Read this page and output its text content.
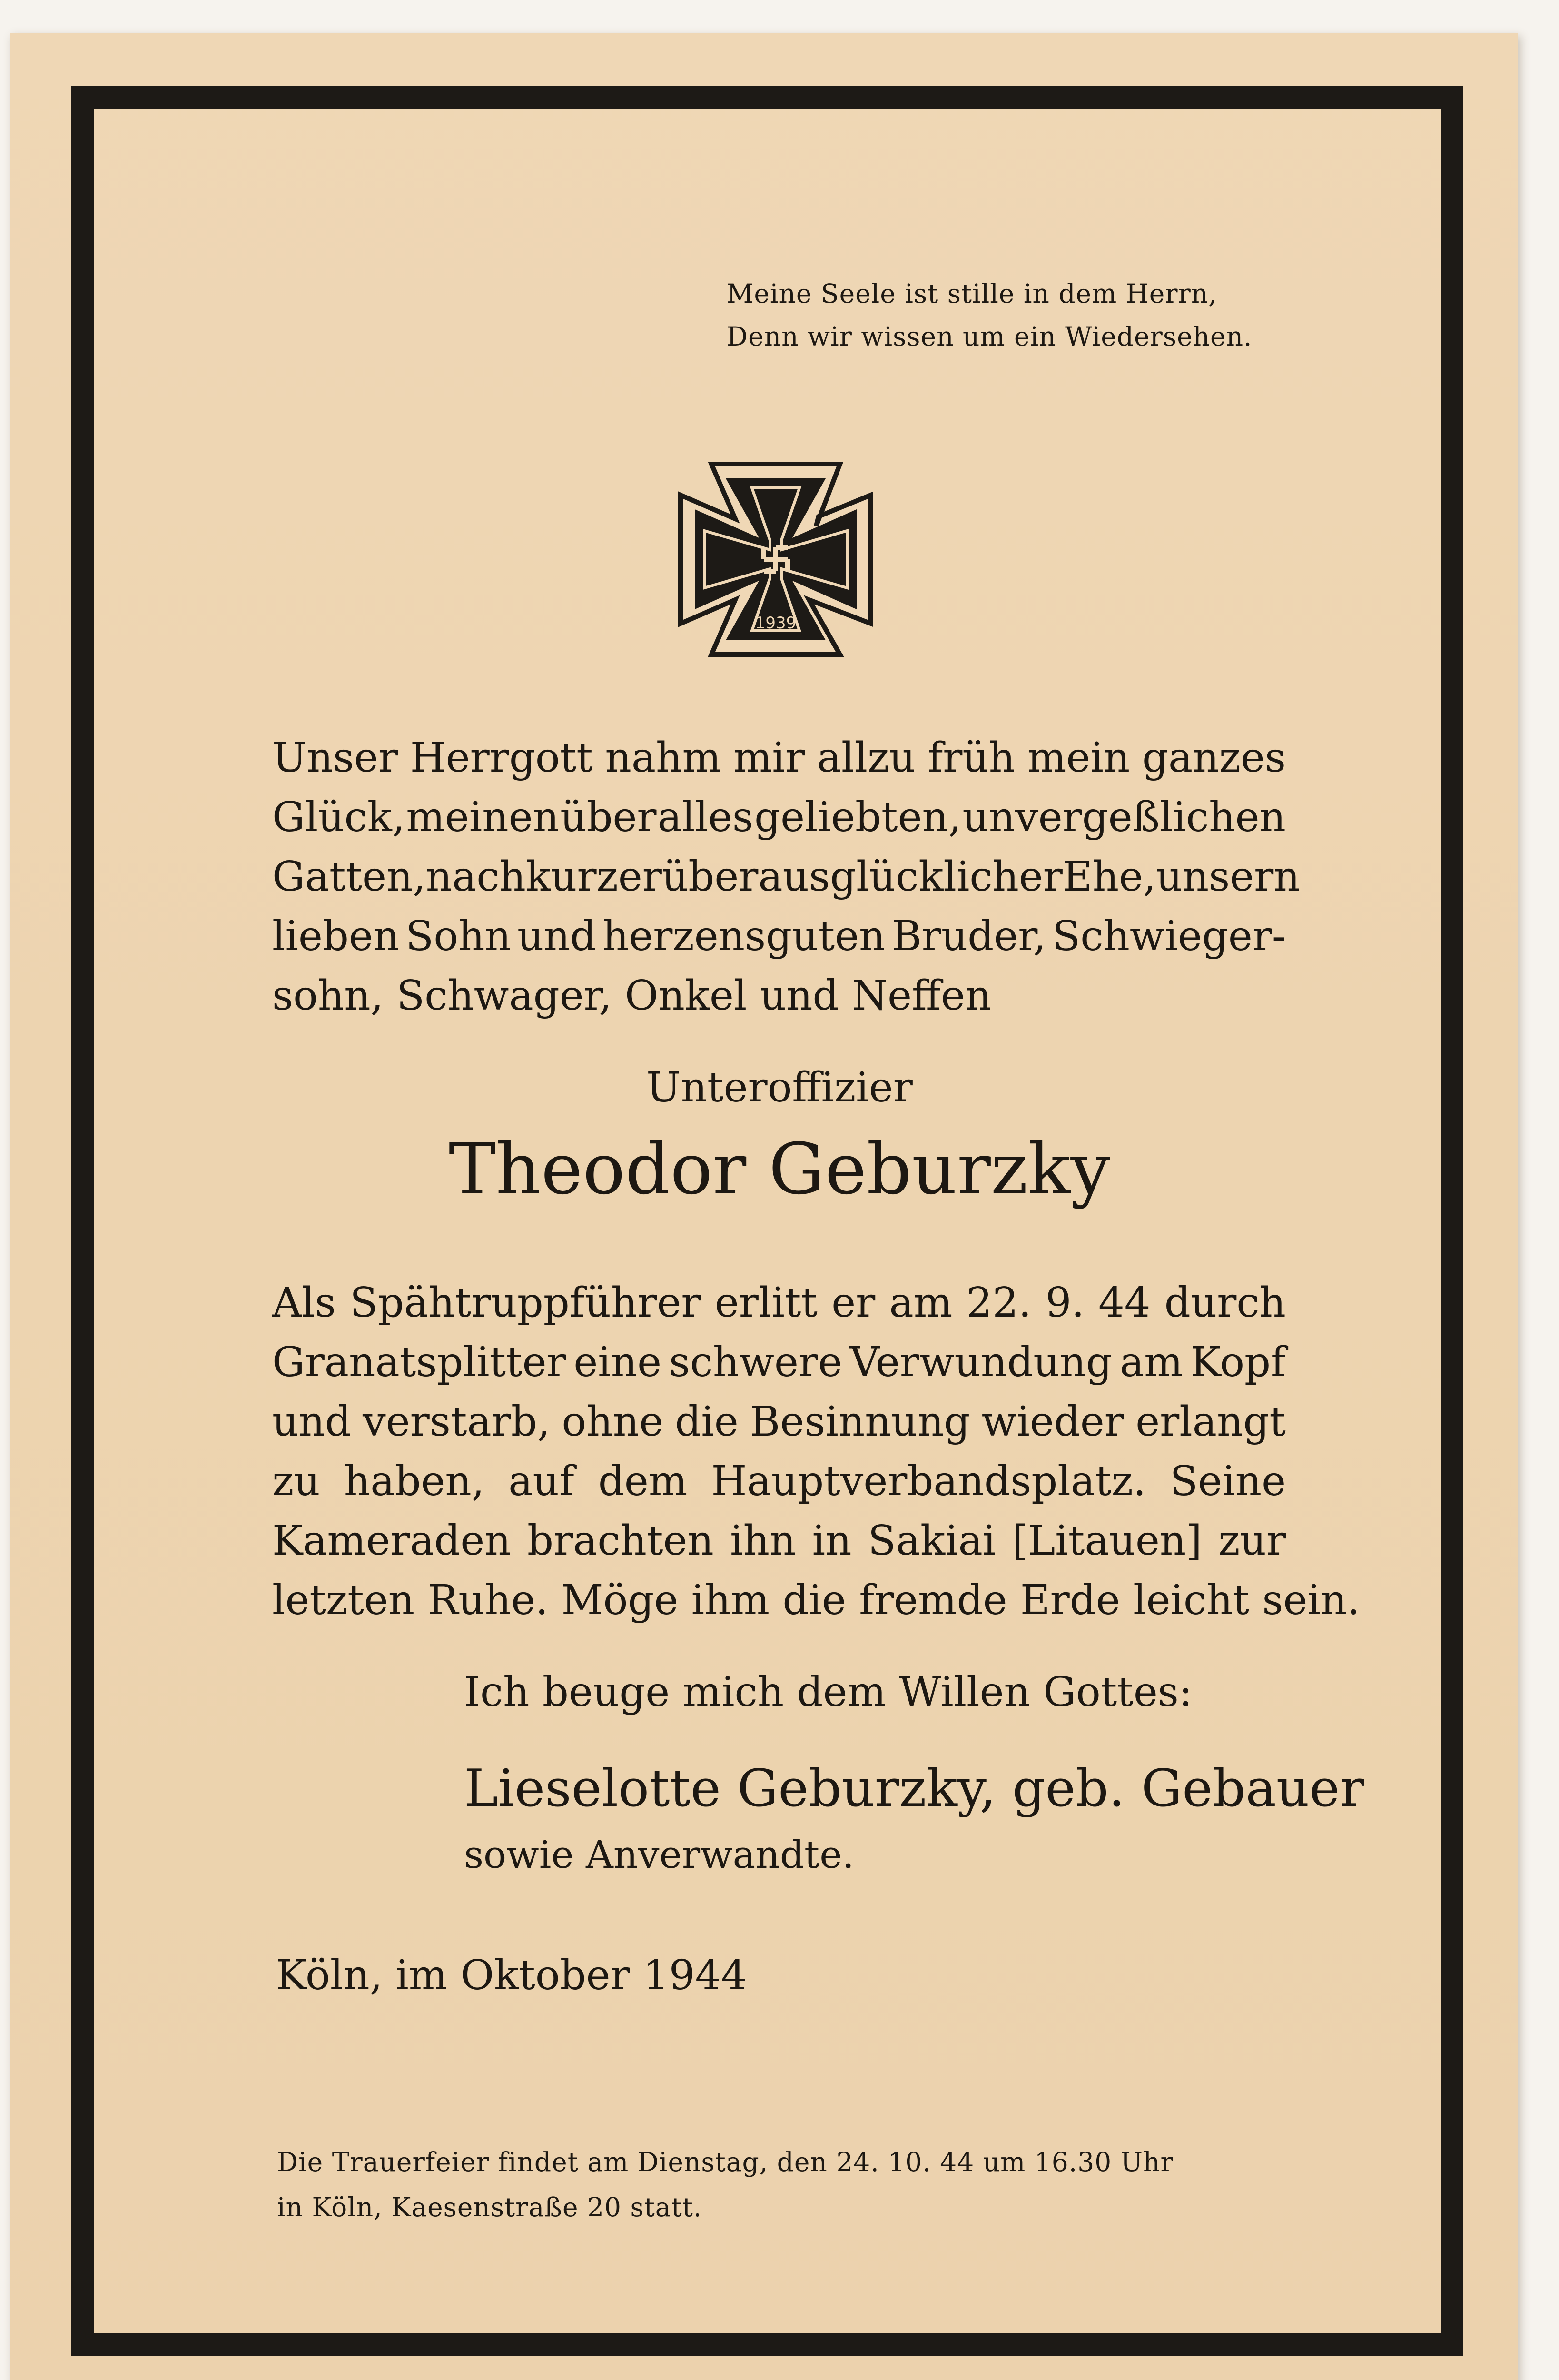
Meine Seele ist stille in dem Herrn,
Denn wir wissen um ein Wiedersehen.
1939
Unser Herrgott nahm mir allzu früh mein ganzes
Glück, meinen über alles geliebten, unvergeßlichen
Gatten, nach kurzer überaus glücklicher Ehe, unsern
lieben Sohn und herzensguten Bruder, Schwieger-
sohn, Schwager, Onkel und Neffen
Unteroffizier
Theodor Geburzky
Als Spähtruppführer erlitt er am 22. 9. 44 durch
Granatsplitter eine schwere Verwundung am Kopf
und verstarb, ohne die Besinnung wieder erlangt
zu haben, auf dem Hauptverbandsplatz. Seine
Kameraden brachten ihn in Sakiai [Litauen] zur
letzten Ruhe. Möge ihm die fremde Erde leicht sein.
Ich beuge mich dem Willen Gottes:
Lieselotte Geburzky, geb. Gebauer
sowie Anverwandte.
Köln, im Oktober 1944
Die Trauerfeier findet am Dienstag, den 24. 10. 44 um 16.30 Uhr
in Köln, Kaesenstraße 20 statt.
